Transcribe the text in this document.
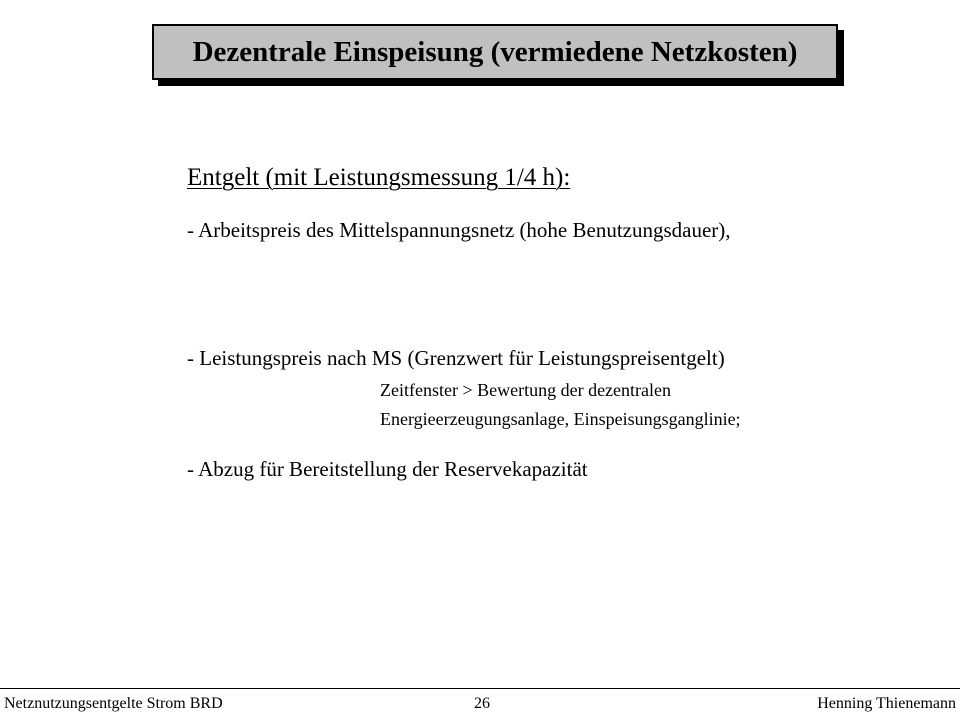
Dezentrale Einspeisung (vermiedene Netzkosten)
Entgelt (mit Leistungsmessung 1/4 h):
- Arbeitspreis des Mittelspannungsnetz (hohe Benutzungsdauer),
- Leistungspreis nach MS (Grenzwert für Leistungspreisentgelt)
Zeitfenster > Bewertung der dezentralen
Energieerzeugungsanlage, Einspeisungsganglinie;
- Abzug für Bereitstellung der Reservekapazität
Netznutzungsentgelte Strom BRD	26	Henning Thienemann
